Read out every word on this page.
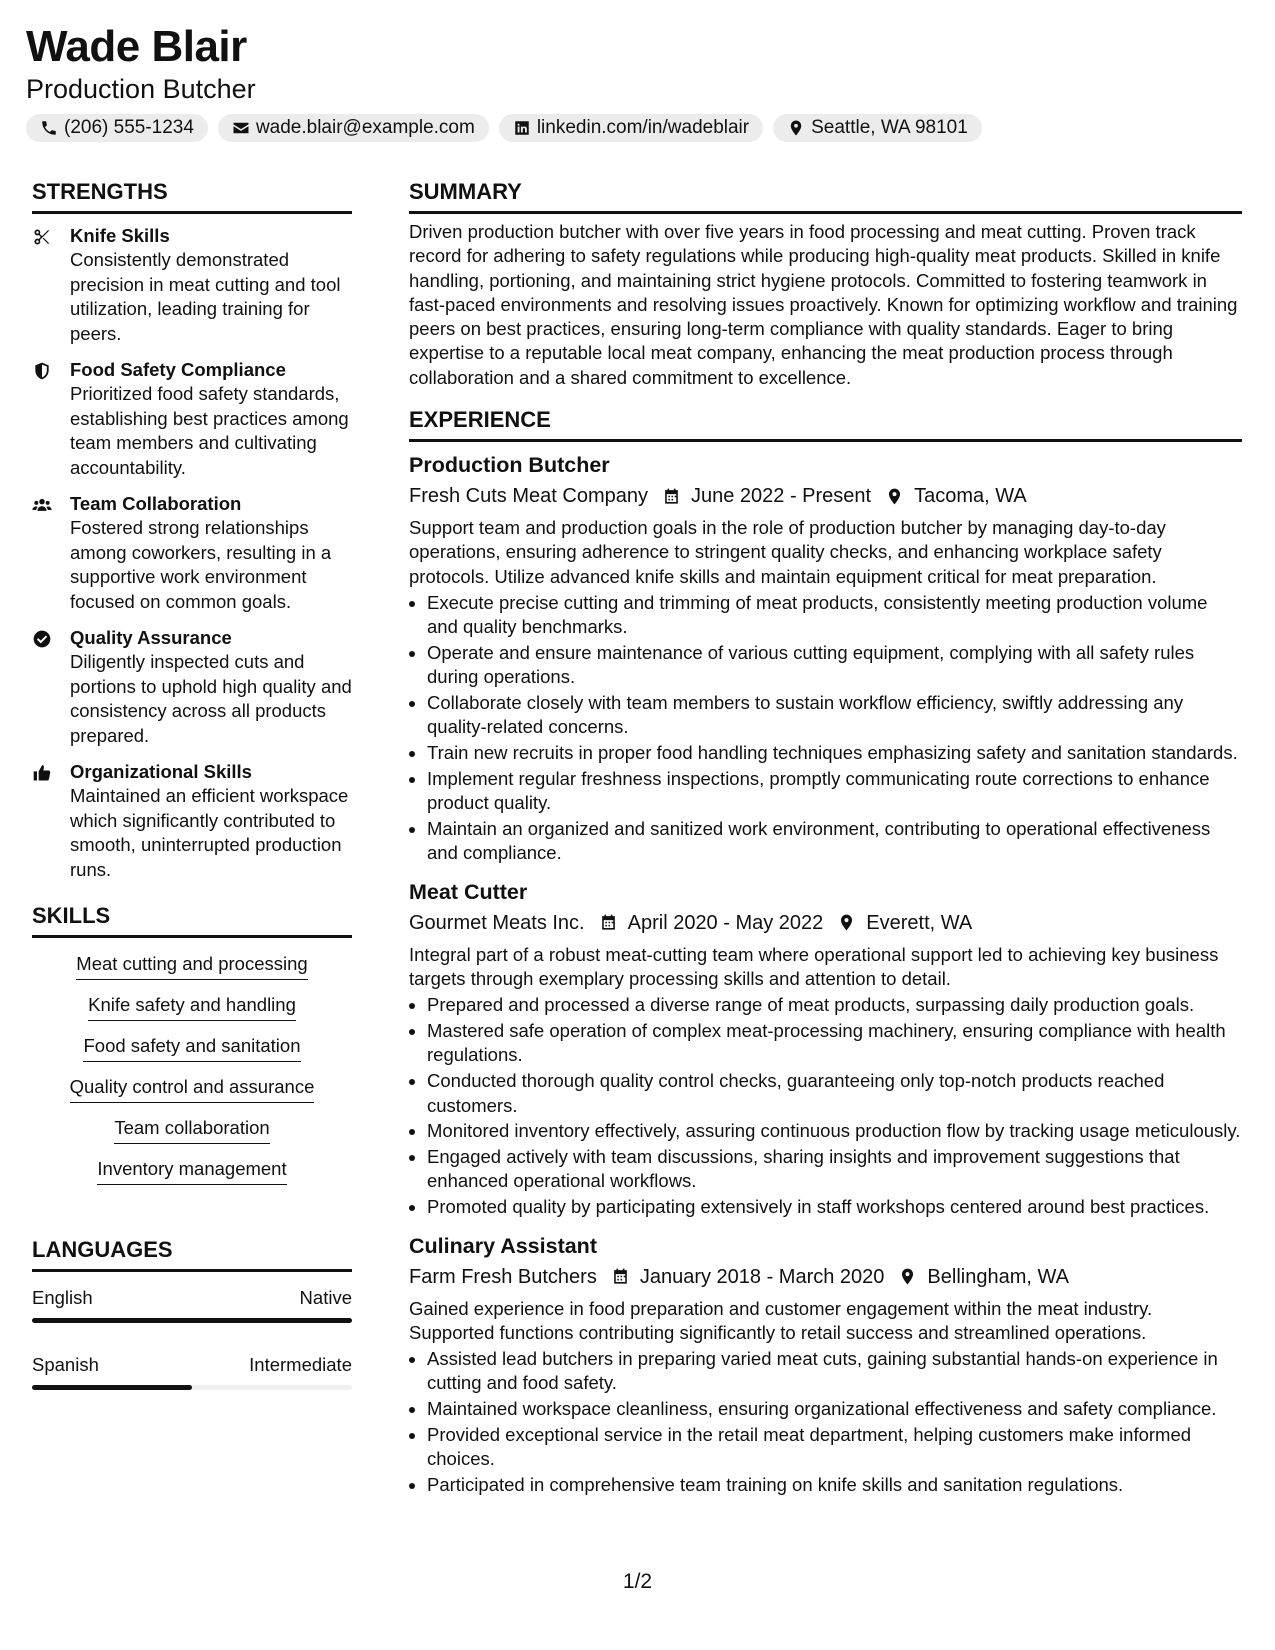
Wade Blair
Production Butcher
(206) 555-1234	wade.blair@example.com	linkedin.com/in/wadeblair	Seattle, WA 98101
STRENGTHS
Knife Skills
Consistently demonstrated precision in meat cutting and tool utilization, leading training for peers.
Food Safety Compliance
Prioritized food safety standards, establishing best practices among team members and cultivating accountability.
Team Collaboration
Fostered strong relationships among coworkers, resulting in a supportive work environment focused on common goals.
Quality Assurance
Diligently inspected cuts and portions to uphold high quality and consistency across all products prepared.
Organizational Skills
Maintained an efficient workspace which significantly contributed to smooth, uninterrupted production runs.
SKILLS
Meat cutting and processing
Knife safety and handling
Food safety and sanitation
Quality control and assurance
Team collaboration
Inventory management
LANGUAGES
English	Native
Spanish	Intermediate
SUMMARY
Driven production butcher with over five years in food processing and meat cutting. Proven track record for adhering to safety regulations while producing high-quality meat products. Skilled in knife handling, portioning, and maintaining strict hygiene protocols. Committed to fostering teamwork in fast-paced environments and resolving issues proactively. Known for optimizing workflow and training peers on best practices, ensuring long-term compliance with quality standards. Eager to bring expertise to a reputable local meat company, enhancing the meat production process through collaboration and a shared commitment to excellence.
EXPERIENCE
Production Butcher
Fresh Cuts Meat Company June 2022 - Present Tacoma, WA
Support team and production goals in the role of production butcher by managing day-to-day operations, ensuring adherence to stringent quality checks, and enhancing workplace safety protocols. Utilize advanced knife skills and maintain equipment critical for meat preparation.
• Execute precise cutting and trimming of meat products, consistently meeting production volume and quality benchmarks.
• Operate and ensure maintenance of various cutting equipment, complying with all safety rules during operations.
• Collaborate closely with team members to sustain workflow efficiency, swiftly addressing any quality-related concerns.
• Train new recruits in proper food handling techniques emphasizing safety and sanitation standards.
• Implement regular freshness inspections, promptly communicating route corrections to enhance product quality.
• Maintain an organized and sanitized work environment, contributing to operational effectiveness and compliance.
Meat Cutter
Gourmet Meats Inc. April 2020 - May 2022 Everett, WA
Integral part of a robust meat-cutting team where operational support led to achieving key business targets through exemplary processing skills and attention to detail.
• Prepared and processed a diverse range of meat products, surpassing daily production goals.
• Mastered safe operation of complex meat-processing machinery, ensuring compliance with health regulations.
• Conducted thorough quality control checks, guaranteeing only top-notch products reached customers.
• Monitored inventory effectively, assuring continuous production flow by tracking usage meticulously.
• Engaged actively with team discussions, sharing insights and improvement suggestions that enhanced operational workflows.
• Promoted quality by participating extensively in staff workshops centered around best practices.
Culinary Assistant
Farm Fresh Butchers January 2018 - March 2020 Bellingham, WA
Gained experience in food preparation and customer engagement within the meat industry. Supported functions contributing significantly to retail success and streamlined operations.
• Assisted lead butchers in preparing varied meat cuts, gaining substantial hands-on experience in cutting and food safety.
• Maintained workspace cleanliness, ensuring organizational effectiveness and safety compliance.
• Provided exceptional service in the retail meat department, helping customers make informed choices.
• Participated in comprehensive team training on knife skills and sanitation regulations.
1/2
